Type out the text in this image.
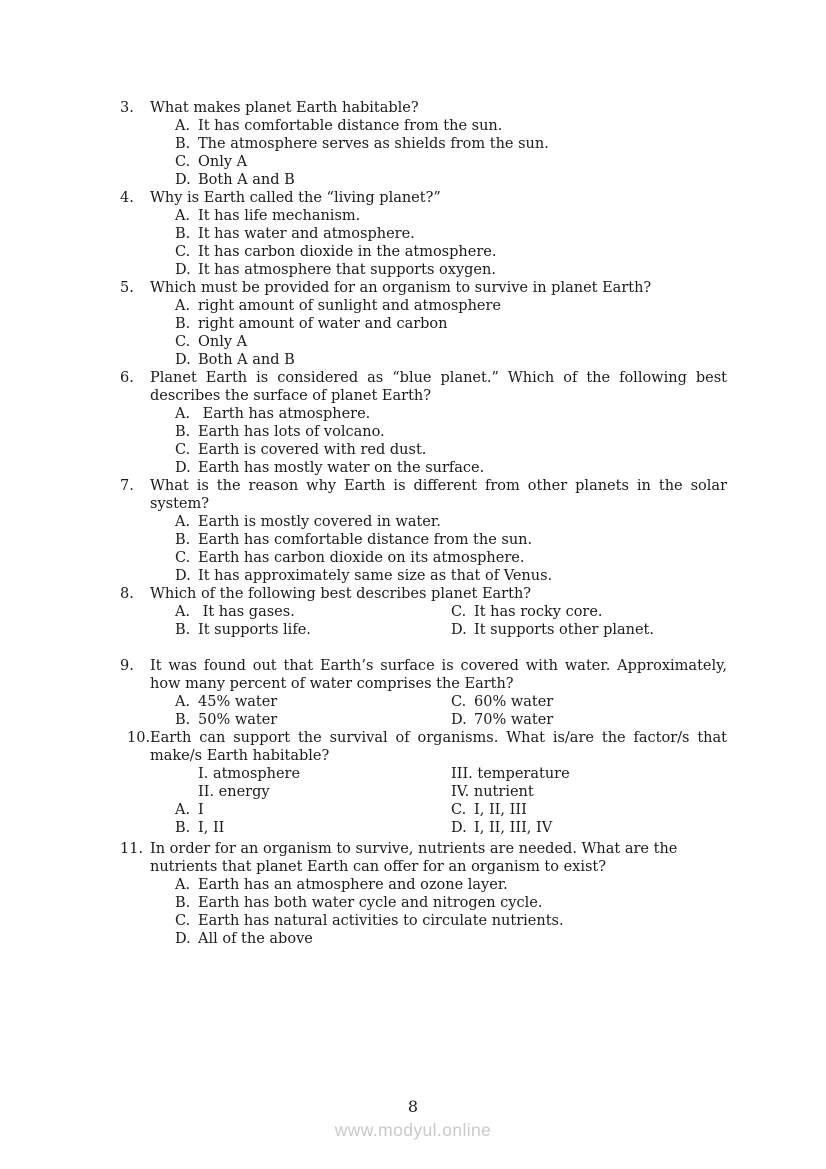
3. What makes planet Earth habitable?
A. It has comfortable distance from the sun.
B. The atmosphere serves as shields from the sun.
C. Only A
D. Both A and B
4. Why is Earth called the “living planet?”
A. It has life mechanism.
B. It has water and atmosphere.
C. It has carbon dioxide in the atmosphere.
D. It has atmosphere that supports oxygen.
5. Which must be provided for an organism to survive in planet Earth?
A. right amount of sunlight and atmosphere
B. right amount of water and carbon
C. Only A
D. Both A and B
6. Planet Earth is considered as “blue planet.” Which of the following best
describes the surface of planet Earth?
A. Earth has atmosphere.
B. Earth has lots of volcano.
C. Earth is covered with red dust.
D. Earth has mostly water on the surface.
7. What is the reason why Earth is different from other planets in the solar
system?
A. Earth is mostly covered in water.
B. Earth has comfortable distance from the sun.
C. Earth has carbon dioxide on its atmosphere.
D. It has approximately same size as that of Venus.
8. Which of the following best describes planet Earth?
A. It has gases.	C. It has rocky core.
B. It supports life.	D. It supports other planet.
9. It was found out that Earth’s surface is covered with water. Approximately,
how many percent of water comprises the Earth?
A. 45% water	C. 60% water
B. 50% water	D. 70% water
10. Earth can support the survival of organisms. What is/are the factor/s that
make/s Earth habitable?
I. atmosphere	III. temperature
II. energy	IV. nutrient
A. I	C. I, II, III
B. I, II	D. I, II, III, IV
11. In order for an organism to survive, nutrients are needed. What are the
nutrients that planet Earth can offer for an organism to exist?
A. Earth has an atmosphere and ozone layer.
B. Earth has both water cycle and nitrogen cycle.
C. Earth has natural activities to circulate nutrients.
D. All of the above
8
www.modyul.online
